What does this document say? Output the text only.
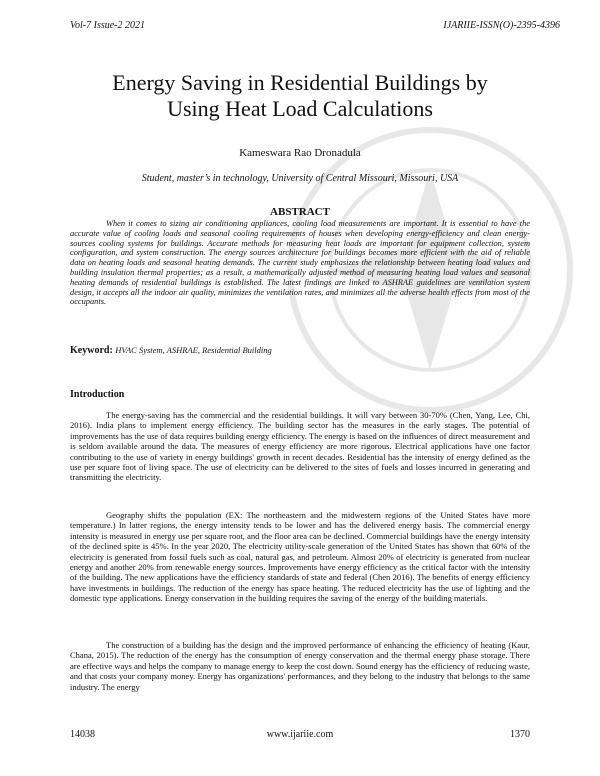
Vol-7 Issue-2 2021	IJARIIE-ISSN(O)-2395-4396
Energy Saving in Residential Buildings by
Using Heat Load Calculations
Kameswara Rao Dronadula
Student, master’s in technology, University of Central Missouri, Missouri, USA
ABSTRACT
When it comes to sizing air conditioning appliances, cooling load measurements are important. It is essential to have the accurate value of cooling loads and seasonal cooling requirements of houses when developing energy-efficiency and clean energy-sources cooling systems for buildings. Accurate methods for measuring heat loads are important for equipment collection, system configuration, and system construction. The energy sources architecture for buildings becomes more efficient with the aid of reliable data on heating loads and seasonal heating demands. The current study emphasizes the relationship between heating load values and building insulation thermal properties; as a result, a mathematically adjusted method of measuring heating load values and seasonal heating demands of residential buildings is established. The latest findings are linked to ASHRAE guidelines are ventilation system design, it accepts all the indoor air quality, minimizes the ventilation rates, and minimizes all the adverse health effects from most of the occupants.
Keyword: HVAC System, ASHRAE, Residential Building
Introduction
The energy-saving has the commercial and the residential buildings. It will vary between 30-70% (Chen, Yang, Lee, Chi, 2016). India plans to implement energy efficiency. The building sector has the measures in the early stages. The potential of improvements has the use of data requires building energy efficiency. The energy is based on the influences of direct measurement and is seldom available around the data. The measures of energy efficiency are more rigorous. Electrical applications have one factor contributing to the use of variety in energy buildings' growth in recent decades. Residential has the intensity of energy defined as the use per square foot of living space. The use of electricity can be delivered to the sites of fuels and losses incurred in generating and transmitting the electricity.
Geography shifts the population (EX: The northeastern and the midwestern regions of the United States have more temperature.) In latter regions, the energy intensity tends to be lower and has the delivered energy basis. The commercial energy intensity is measured in energy use per square root, and the floor area can be declined. Commercial buildings have the energy intensity of the declined spite is 45%. In the year 2020, The electricity utility-scale generation of the United States has shown that 60% of the electricity is generated from fossil fuels such as coal, natural gas, and petroleum. Almost 20% of electricity is generated from nuclear energy and another 20% from renewable energy sources. Improvements have energy efficiency as the critical factor with the intensity of the building. The new applications have the efficiency standards of state and federal (Chen 2016). The benefits of energy efficiency have investments in buildings. The reduction of the energy has space heating. The reduced electricity has the use of lighting and the domestic type applications. Energy conservation in the building requires the saving of the energy of the building materials.
The construction of a building has the design and the improved performance of enhancing the efficiency of heating (Kaur, Chana, 2015). The reduction of the energy has the consumption of energy conservation and the thermal energy phase storage. There are effective ways and helps the company to manage energy to keep the cost down. Sound energy has the efficiency of reducing waste, and that costs your company money. Energy has organizations' performances, and they belong to the industry that belongs to the same industry. The energy
14038	www.ijariie.com	1370
